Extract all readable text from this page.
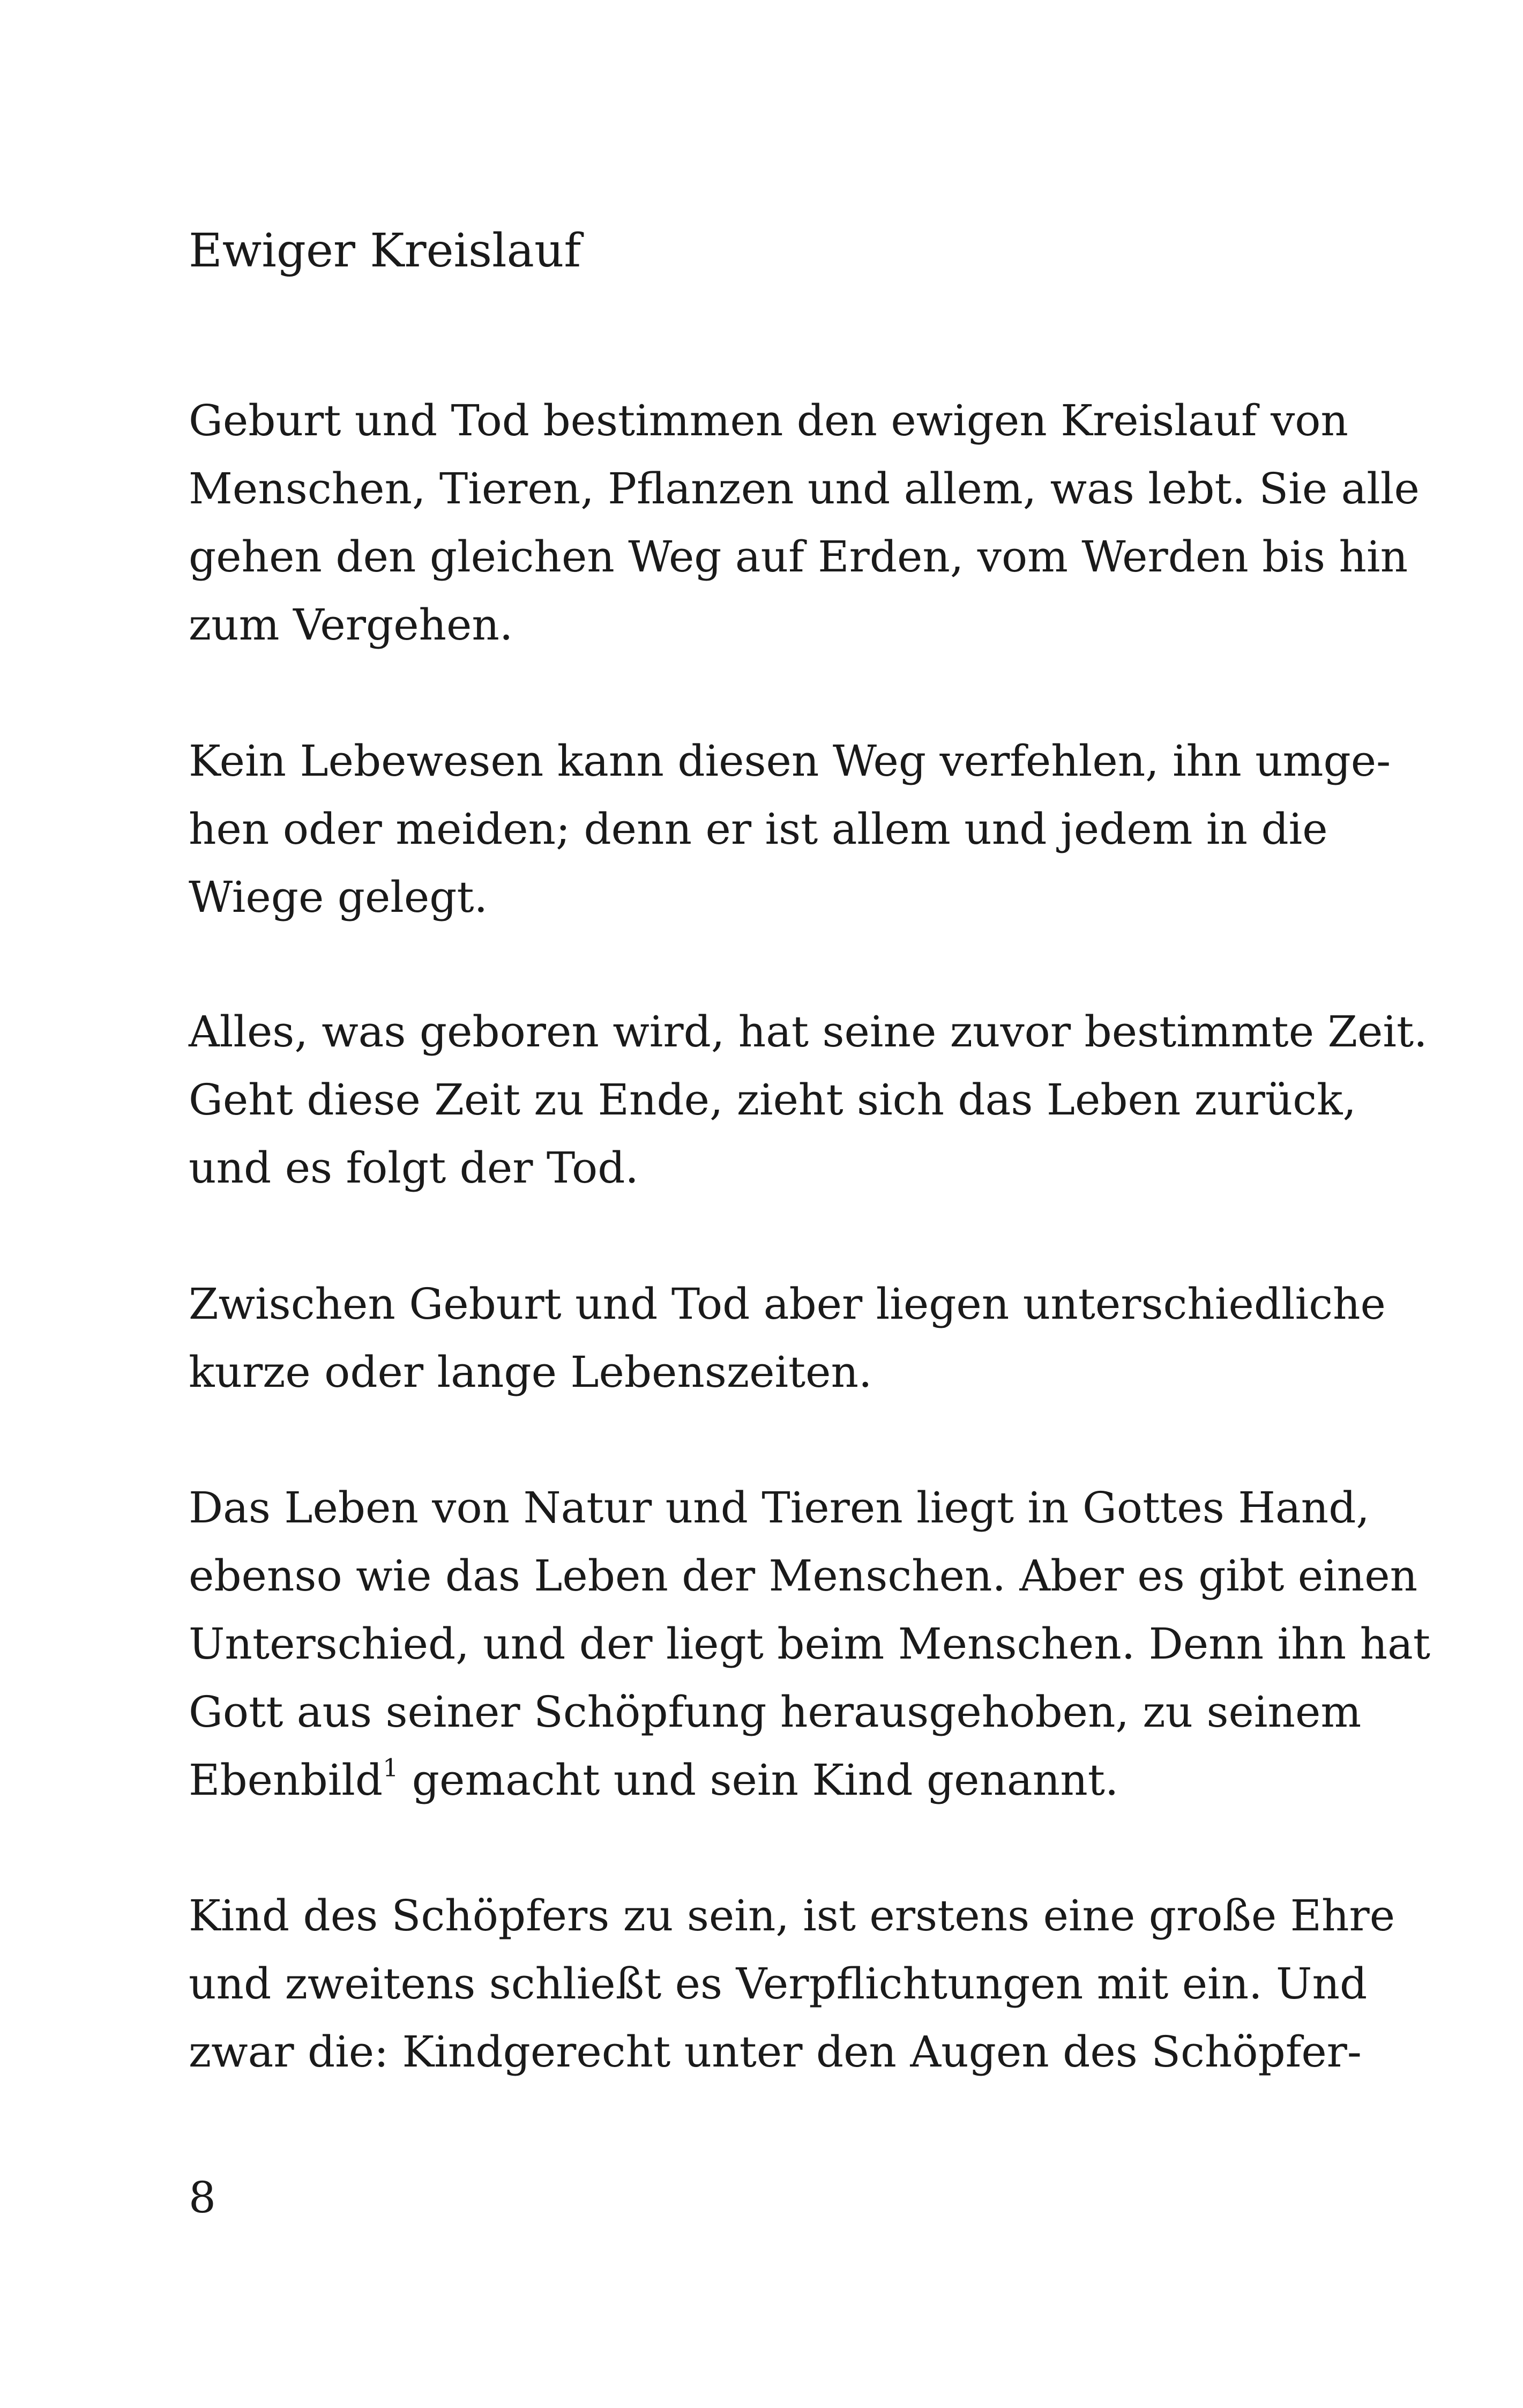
Ewiger Kreislauf

Geburt und Tod bestimmen den ewigen Kreislauf von

Menschen, Tieren, Pflanzen und allem, was lebt. Sie alle

gehen den gleichen Weg auf Erden, vom Werden bis hin

zum Vergehen.

Kein Lebewesen kann diesen Weg verfehlen, ihn umge-

hen oder meiden; denn er ist allem und jedem in die

Wiege gelegt.

Alles, was geboren wird, hat seine zuvor bestimmte Zeit.

Geht diese Zeit zu Ende, zieht sich das Leben zurück,

und es folgt der Tod.

Zwischen Geburt und Tod aber liegen unterschiedliche

kurze oder lange Lebenszeiten.

Das Leben von Natur und Tieren liegt in Gottes Hand,

ebenso wie das Leben der Menschen. Aber es gibt einen

Unterschied, und der liegt beim Menschen. Denn ihn hat

Gott aus seiner Schöpfung herausgehoben, zu seinem

Ebenbild$^1$ gemacht und sein Kind genannt.

Kind des Schöpfers zu sein, ist erstens eine große Ehre

und zweitens schließt es Verpflichtungen mit ein. Und

zwar die: Kindgerecht unter den Augen des Schöpfer-

8
